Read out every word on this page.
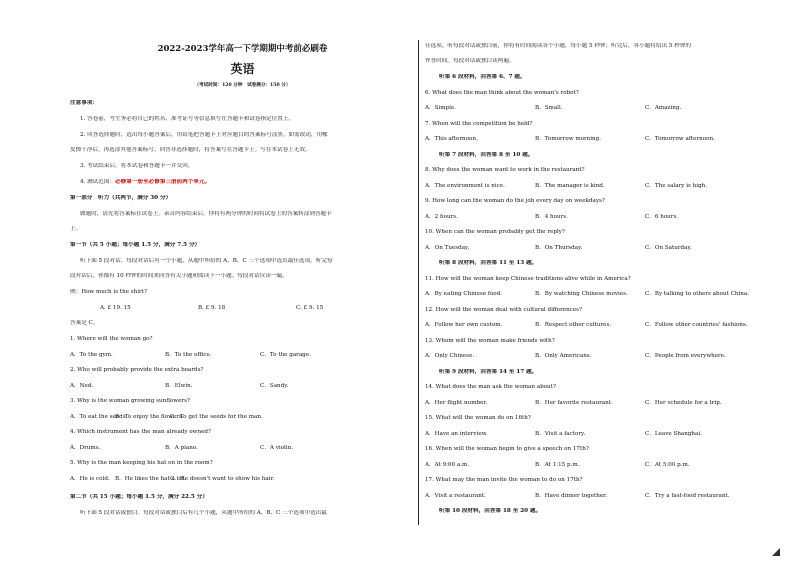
2022-2023学年高一下学期期中考前必刷卷
英语
（考试时间：120 分钟　试卷满分：150 分）
注意事项：
1. 答卷前，考生务必将自己的姓名、准考证号等信息填写在答题卡和试卷指定位置上。
2. 回答选择题时，选出每小题答案后，用铅笔把答题卡上对应题目的答案标号涂黑。如需改动，用橡
皮擦干净后，再选涂其他答案标号。回答非选择题时，将答案写在答题卡上。写在本试卷上无效。
3. 考试结束后，将本试卷和答题卡一并交回。
4. 测试范围：必修第一册至必修第三册前两个单元。
第一部分　听力（共两节，满分 30 分）
做题时，请先将答案标在试卷上。录音内容结束后，你将有两分钟的时间将试卷上的答案转涂到答题卡
上。
第一节（共 5 小题；每小题 1.5 分，满分 7.5 分）
听下面 5 段对话。每段对话后有一个小题，从题中所给的 A、B、C 三个选项中选出最佳选项。听完每
段对话后，你都有 10 秒钟的时间来回答有关小题和阅读下一小题。每段对话仅读一遍。
例：How much is the shirt?
A. £ 19. 15	B. £ 9. 18	C. £ 9. 15
答案是 C。
1. Where will the woman go?
A．To the gym.	B．To the office.	C．To the garage.
2. Who will probably provide the extra boards?
A．Ned.	B．Elwin.	C．Sandy.
3. Why is the woman growing sunflowers?
A．To eat the seeds.B．To enjoy the flowers.C．To get the seeds for the man.
4. Which instrument has the man already owned?
A．Drums.	B．A piano.	C．A violin.
5. Why is the man keeping his hat on in the room?
A．He is cold. B．He likes the hat a lot.C．He doesn't want to show his hair.
第二节（共 15 小题；每小题 1.5 分，满分 22.5 分）
听下面 5 段对话或独白。每段对话或独白后有几个小题，从题中所给的 A、B、C 三个选项中选出最
佳选项。听每段对话或独白前，你将有时间阅读各个小题，每小题 5 秒钟；听完后，各小题将给出 5 秒钟的
作答时间。每段对话或独白读两遍。
听第 6 段材料，回答第 6、7 题。
6. What does the man think about the woman's robot?
A．Simple.	B．Small.	C．Amazing.
7. When will the competition be held?
A．This afternoon.	B．Tomorrow morning.	C．Tomorrow afternoon.
听第 7 段材料，回答第 8 至 10 题。
8. Why does the woman want to work in the restaurant?
A．The environment is nice.	B．The manager is kind.	C．The salary is high.
9. How long can the woman do the job every day on weekdays?
A．2 hours.	B．4 hours.	C．6 hours.
10. When can the woman probably get the reply?
A．On Tuesday.	B．On Thursday.	C．On Saturday.
听第 8 段材料，回答第 11 至 13 题。
11. How will the woman keep Chinese traditions alive while in America?
A．By eating Chinese food.	B．By watching Chinese movies.	C．By talking to others about China.
12. How will the woman deal with cultural differences?
A．Follow her own custom.	B．Respect other cultures.	C．Follow other countries' fashions.
13. Whom will the woman make friends with?
A．Only Chinese.	B．Only Americans.	C．People from everywhere.
听第 9 段材料，回答第 14 至 17 题。
14. What does the man ask the woman about?
A．Her flight number.	B．Her favorite restaurant.	C．Her schedule for a trip.
15. What will the woman do on 16th?
A．Have an interview.	B．Visit a factory.	C．Leave Shanghai.
16. When will the woman begin to give a speech on 17th?
A．At 9:00 a.m.	B．At 1:15 p.m.	C．At 5:00 p.m.
17. What may the man invite the woman to do on 17th?
A．Visit a restaurant.	B．Have dinner together.	C．Try a fast-food restaurant.
听第 10 段材料，回答第 18 至 20 题。
